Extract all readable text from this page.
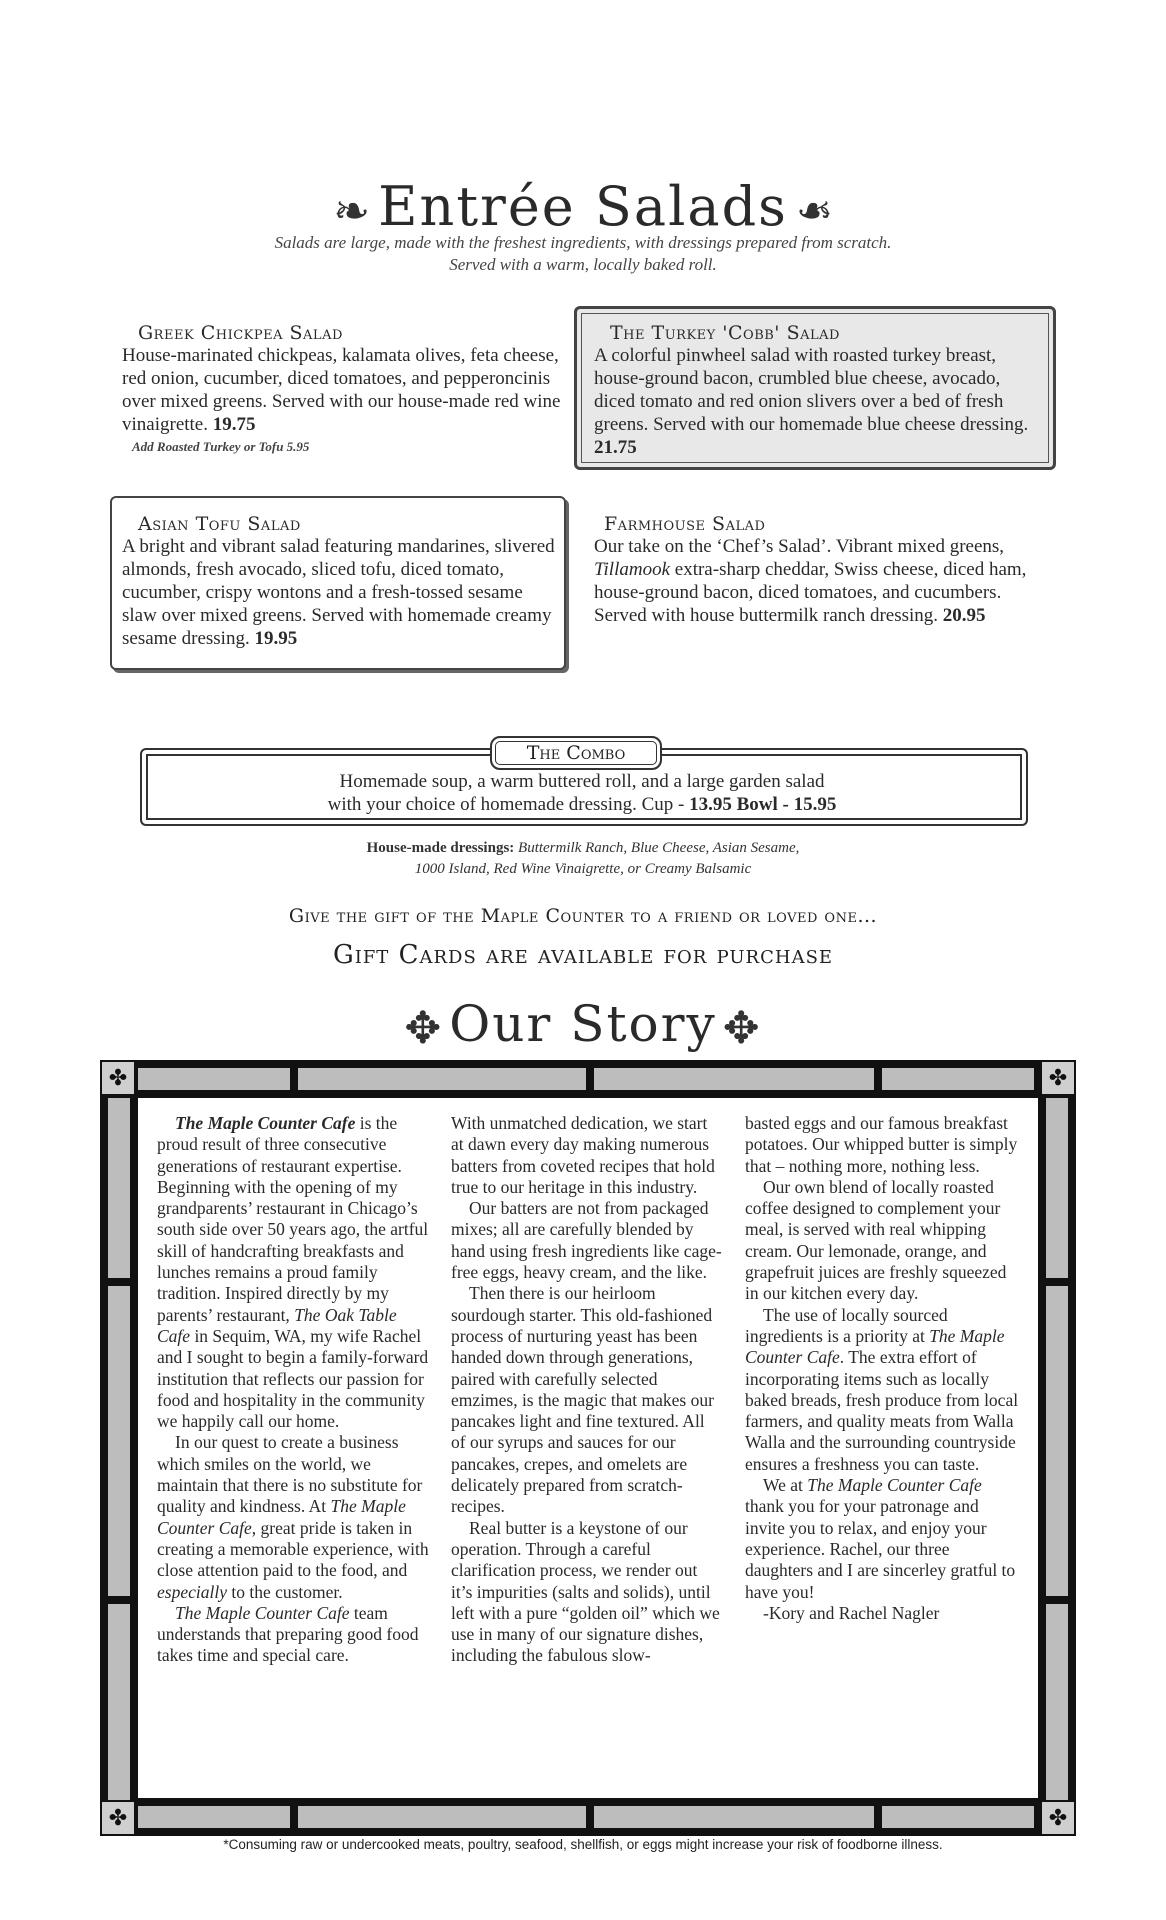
❧ Entrée Salads ❧
Salads are large, made with the freshest ingredients, with dressings prepared from scratch.
Served with a warm, locally baked roll.
Greek Chickpea Salad
House-marinated chickpeas, kalamata olives, feta cheese, red onion, cucumber, diced tomatoes, and pepperoncinis over mixed greens. Served with our house-made red wine vinaigrette. 19.75
Add Roasted Turkey or Tofu 5.95
The Turkey 'Cobb' Salad
A colorful pinwheel salad with roasted turkey breast, house-ground bacon, crumbled blue cheese, avocado, diced tomato and red onion slivers over a bed of fresh greens. Served with our homemade blue cheese dressing. 21.75
Asian Tofu Salad
A bright and vibrant salad featuring mandarines, slivered almonds, fresh avocado, sliced tofu, diced tomato, cucumber, crispy wontons and a fresh-tossed sesame slaw over mixed greens. Served with homemade creamy sesame dressing. 19.95
Farmhouse Salad
Our take on the ‘Chef’s Salad’. Vibrant mixed greens, Tillamook extra-sharp cheddar, Swiss cheese, diced ham, house-ground bacon, diced tomatoes, and cucumbers. Served with house buttermilk ranch dressing. 20.95
The Combo
Homemade soup, a warm buttered roll, and a large garden salad
with your choice of homemade dressing. Cup - 13.95 Bowl - 15.95
House-made dressings: Buttermilk Ranch, Blue Cheese, Asian Sesame,
1000 Island, Red Wine Vinaigrette, or Creamy Balsamic
Give the gift of the Maple Counter to a friend or loved one...
Gift Cards are available for purchase
✥ Our Story ✥
✤	✤
✤	✤

The Maple Counter Cafe is the proud result of three consecutive generations of restaurant expertise. Beginning with the opening of my grandparents’ restaurant in Chicago’s south side over 50 years ago, the artful skill of handcrafting breakfasts and lunches remains a proud family tradition. Inspired directly by my parents’ restaurant, The Oak Table Cafe in Sequim, WA, my wife Rachel and I sought to begin a family-forward institution that reflects our passion for food and hospitality in the community we happily call our home.

In our quest to create a business which smiles on the world, we maintain that there is no substitute for quality and kindness. At The Maple Counter Cafe, great pride is taken in creating a memorable experience, with close attention paid to the food, and especially to the customer.

The Maple Counter Cafe team understands that preparing good food takes time and special care.

With unmatched dedication, we start at dawn every day making numerous batters from coveted recipes that hold true to our heritage in this industry.

Our batters are not from packaged mixes; all are carefully blended by hand using fresh ingredients like cage-free eggs, heavy cream, and the like.

Then there is our heirloom sourdough starter. This old-fashioned process of nurturing yeast has been handed down through generations, paired with carefully selected emzimes, is the magic that makes our pancakes light and fine textured. All of our syrups and sauces for our pancakes, crepes, and omelets are delicately prepared from scratch-recipes.

Real butter is a keystone of our operation. Through a careful clarification process, we render out it’s impurities (salts and solids), until left with a pure “golden oil” which we use in many of our signature dishes, including the fabulous slow-

basted eggs and our famous breakfast potatoes. Our whipped butter is simply that – nothing more, nothing less.

Our own blend of locally roasted coffee designed to complement your meal, is served with real whipping cream. Our lemonade, orange, and grapefruit juices are freshly squeezed in our kitchen every day.

The use of locally sourced ingredients is a priority at The Maple Counter Cafe. The extra effort of incorporating items such as locally baked breads, fresh produce from local farmers, and quality meats from Walla Walla and the surrounding countryside ensures a freshness you can taste.

We at The Maple Counter Cafe thank you for your patronage and invite you to relax, and enjoy your experience. Rachel, our three daughters and I are sincerley gratful to have you!

-Kory and Rachel Nagler

*Consuming raw or undercooked meats, poultry, seafood, shellfish, or eggs might increase your risk of foodborne illness.
